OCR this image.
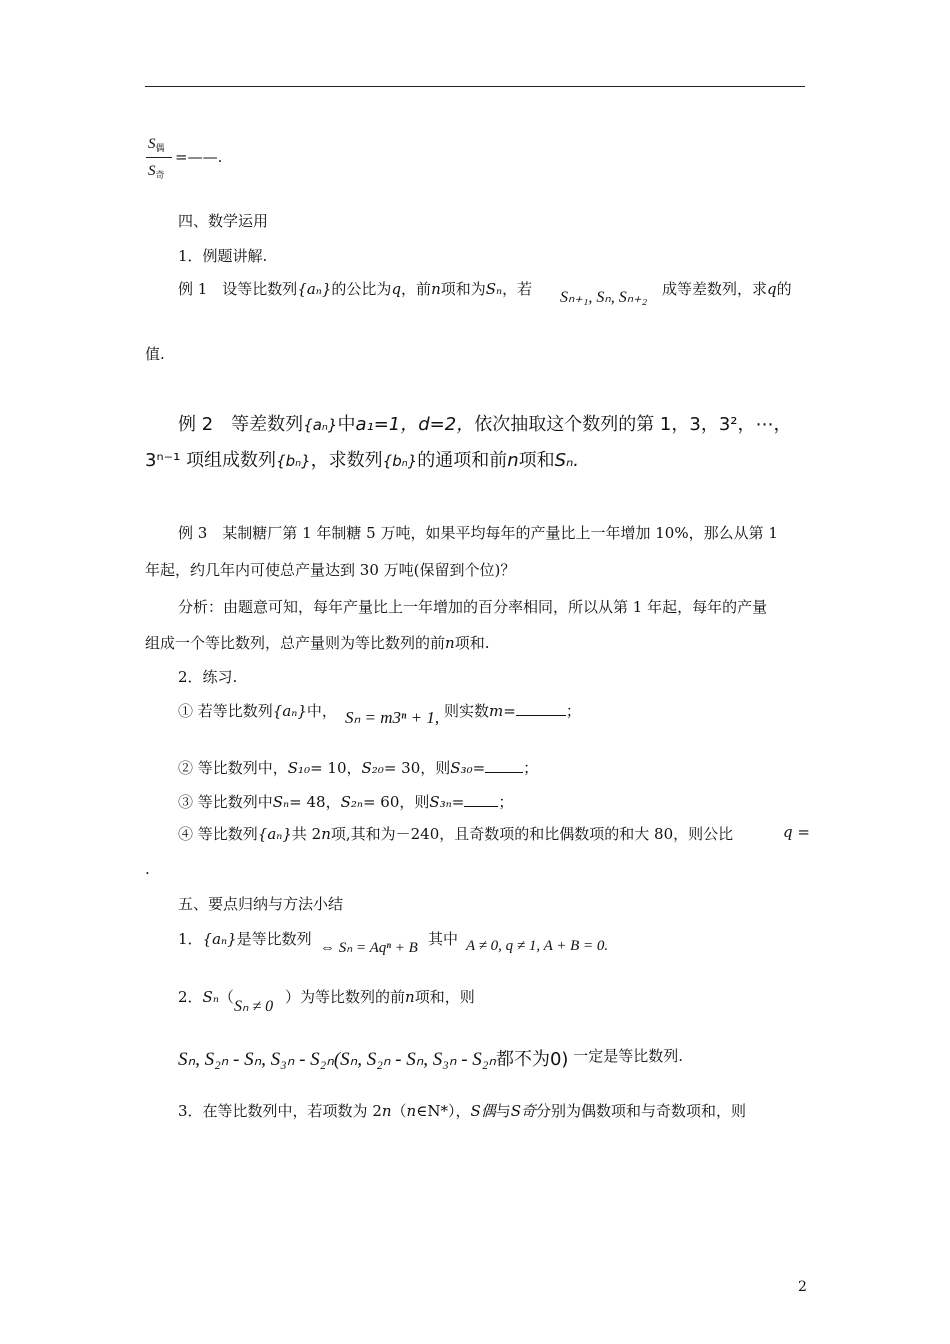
$S_偶$
$S_奇$
=——.
四、数学运用
1．例题讲解.
例 1　设等比数列{aₙ}的公比为q，前n项和为Sₙ，若 Sₙ₊₁, Sₙ, Sₙ₊₂ 成等差数列，求q的
值.
例 2　等差数列{aₙ}中a₁=1，d=2，依次抽取这个数列的第 1，3，3²，⋯，
3ⁿ⁻¹ 项组成数列{bₙ}，求数列{bₙ}的通项和前n项和Sₙ.
例 3　某制糖厂第 1 年制糖 5 万吨，如果平均每年的产量比上一年增加 10%，那么从第 1
年起，约几年内可使总产量达到 30 万吨(保留到个位)？
分析：由题意可知，每年产量比上一年增加的百分率相同，所以从第 1 年起，每年的产量
组成一个等比数列，总产量则为等比数列的前n项和.
2．练习.
① 若等比数列{aₙ}中， Sₙ = m3ⁿ + 1, 则实数m=	；
② 等比数列中，S₁₀= 10，S₂₀= 30，则S₃₀=	；
③ 等比数列中Sₙ= 48，S₂ₙ= 60，则S₃ₙ= ；
④ 等比数列{aₙ}共 2n项,其和为－240，且奇数项的和比偶数项的和大 80，则公比	q =
.
五、要点归纳与方法小结
1．{aₙ}是等比数列 ⇔ Sₙ = Aqⁿ + B 其中 A ≠ 0, q ≠ 1, A + B = 0.
2．Sₙ（
Sₙ ≠ 0
）为等比数列的前n项和，则
Sₙ, S₂ₙ - Sₙ, S₃ₙ - S₂ₙ(Sₙ, S₂ₙ - Sₙ, S₃ₙ - S₂ₙ都不为0) 一定是等比数列.
3．在等比数列中，若项数为 2n（n∈N*），S偶与S奇分别为偶数项和与奇数项和，则
2
